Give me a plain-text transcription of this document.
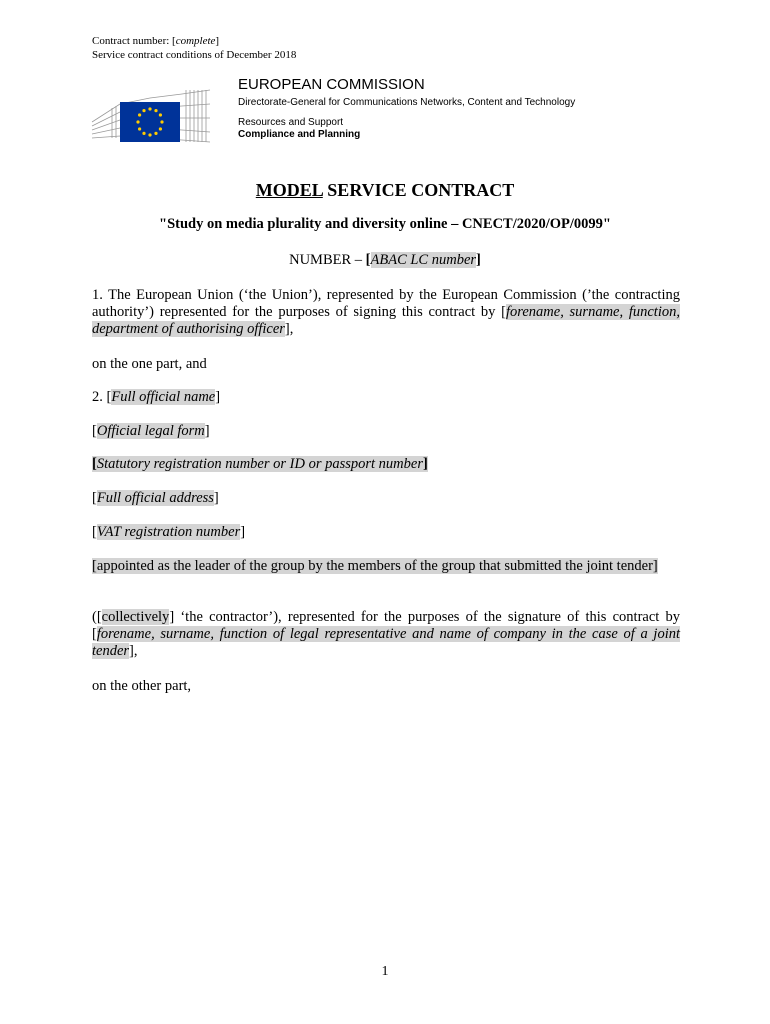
Contract number: [complete]
Service contract conditions of December 2018
EUROPEAN COMMISSION
Directorate-General for Communications Networks, Content and Technology
Resources and Support
Compliance and Planning
MODEL SERVICE CONTRACT
"Study on media plurality and diversity online – CNECT/2020/OP/0099"
NUMBER – [ABAC LC number]
1. The European Union (‘the Union’), represented by the European Commission (’the contracting authority’) represented for the purposes of signing this contract by [forename, surname, function, department of authorising officer],
on the one part, and
2. [Full official name]
[Official legal form]
[Statutory registration number or ID or passport number]
[Full official address]
[VAT registration number]
[appointed as the leader of the group by the members of the group that submitted the joint tender]
([collectively] ‘the contractor’), represented for the purposes of the signature of this contract by [forename, surname, function of legal representative and name of company in the case of a joint tender],
on the other part,
1
